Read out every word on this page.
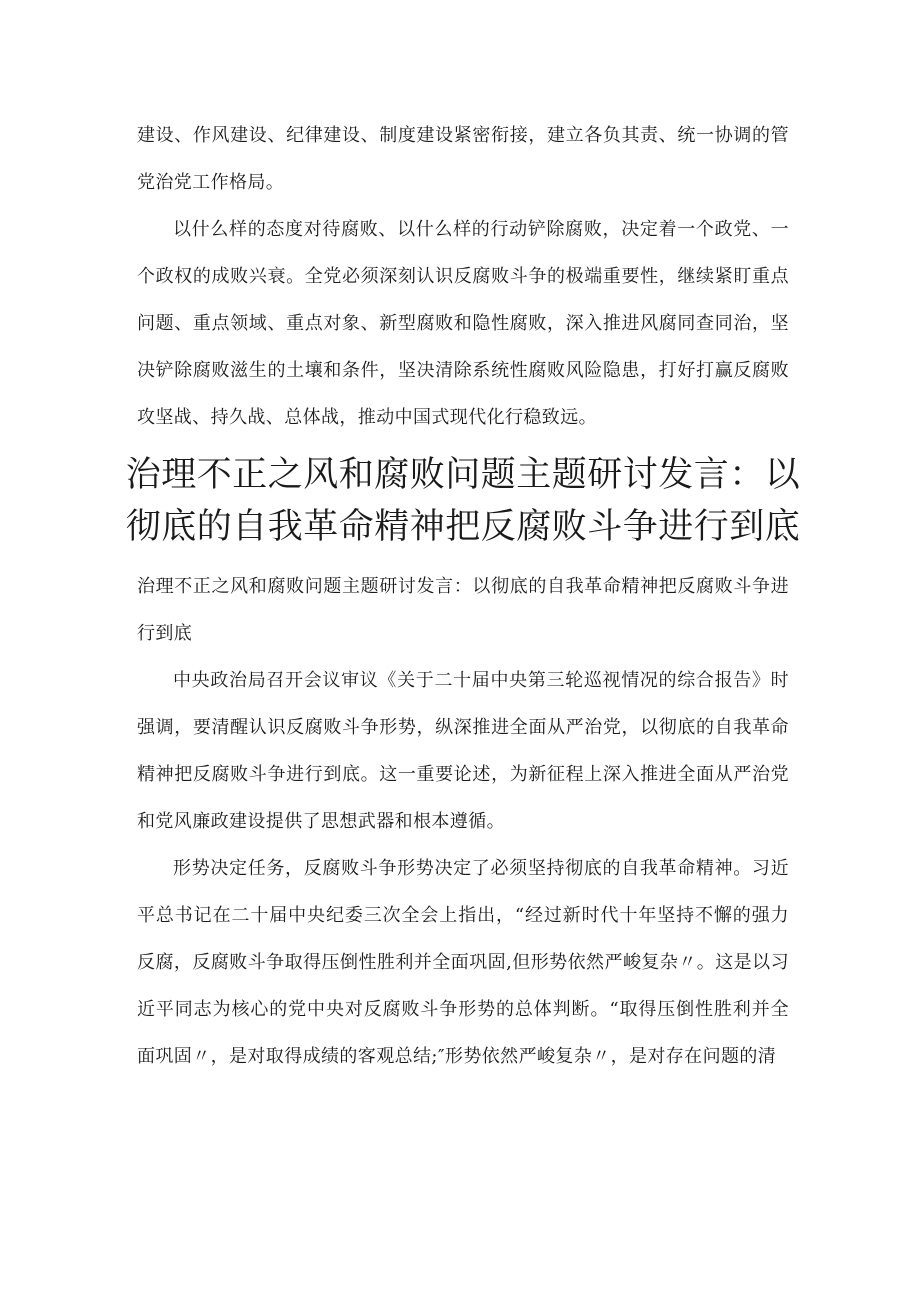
建设、作风建设、纪律建设、制度建设紧密衔接，建立各负其责、统一协调的管党治党工作格局。

以什么样的态度对待腐败、以什么样的行动铲除腐败，决定着一个政党、一个政权的成败兴衰。全党必须深刻认识反腐败斗争的极端重要性，继续紧盯重点问题、重点领域、重点对象、新型腐败和隐性腐败，深入推进风腐同查同治，坚决铲除腐败滋生的土壤和条件，坚决清除系统性腐败风险隐患，打好打赢反腐败攻坚战、持久战、总体战，推动中国式现代化行稳致远。

治理不正之风和腐败问题主题研讨发言：以彻底的自我革命精神把反腐败斗争进行到底

治理不正之风和腐败问题主题研讨发言：以彻底的自我革命精神把反腐败斗争进行到底

中央政治局召开会议审议《关于二十届中央第三轮巡视情况的综合报告》时强调，要清醒认识反腐败斗争形势，纵深推进全面从严治党，以彻底的自我革命精神把反腐败斗争进行到底。这一重要论述，为新征程上深入推进全面从严治党和党风廉政建设提供了思想武器和根本遵循。

形势决定任务，反腐败斗争形势决定了必须坚持彻底的自我革命精神。习近平总书记在二十届中央纪委三次全会上指出，“经过新时代十年坚持不懈的强力反腐，反腐败斗争取得压倒性胜利并全面巩固,但形势依然严峻复杂〃。这是以习近平同志为核心的党中央对反腐败斗争形势的总体判断。“取得压倒性胜利并全面巩固〃，是对取得成绩的客观总结;″形势依然严峻复杂〃，是对存在问题的清
